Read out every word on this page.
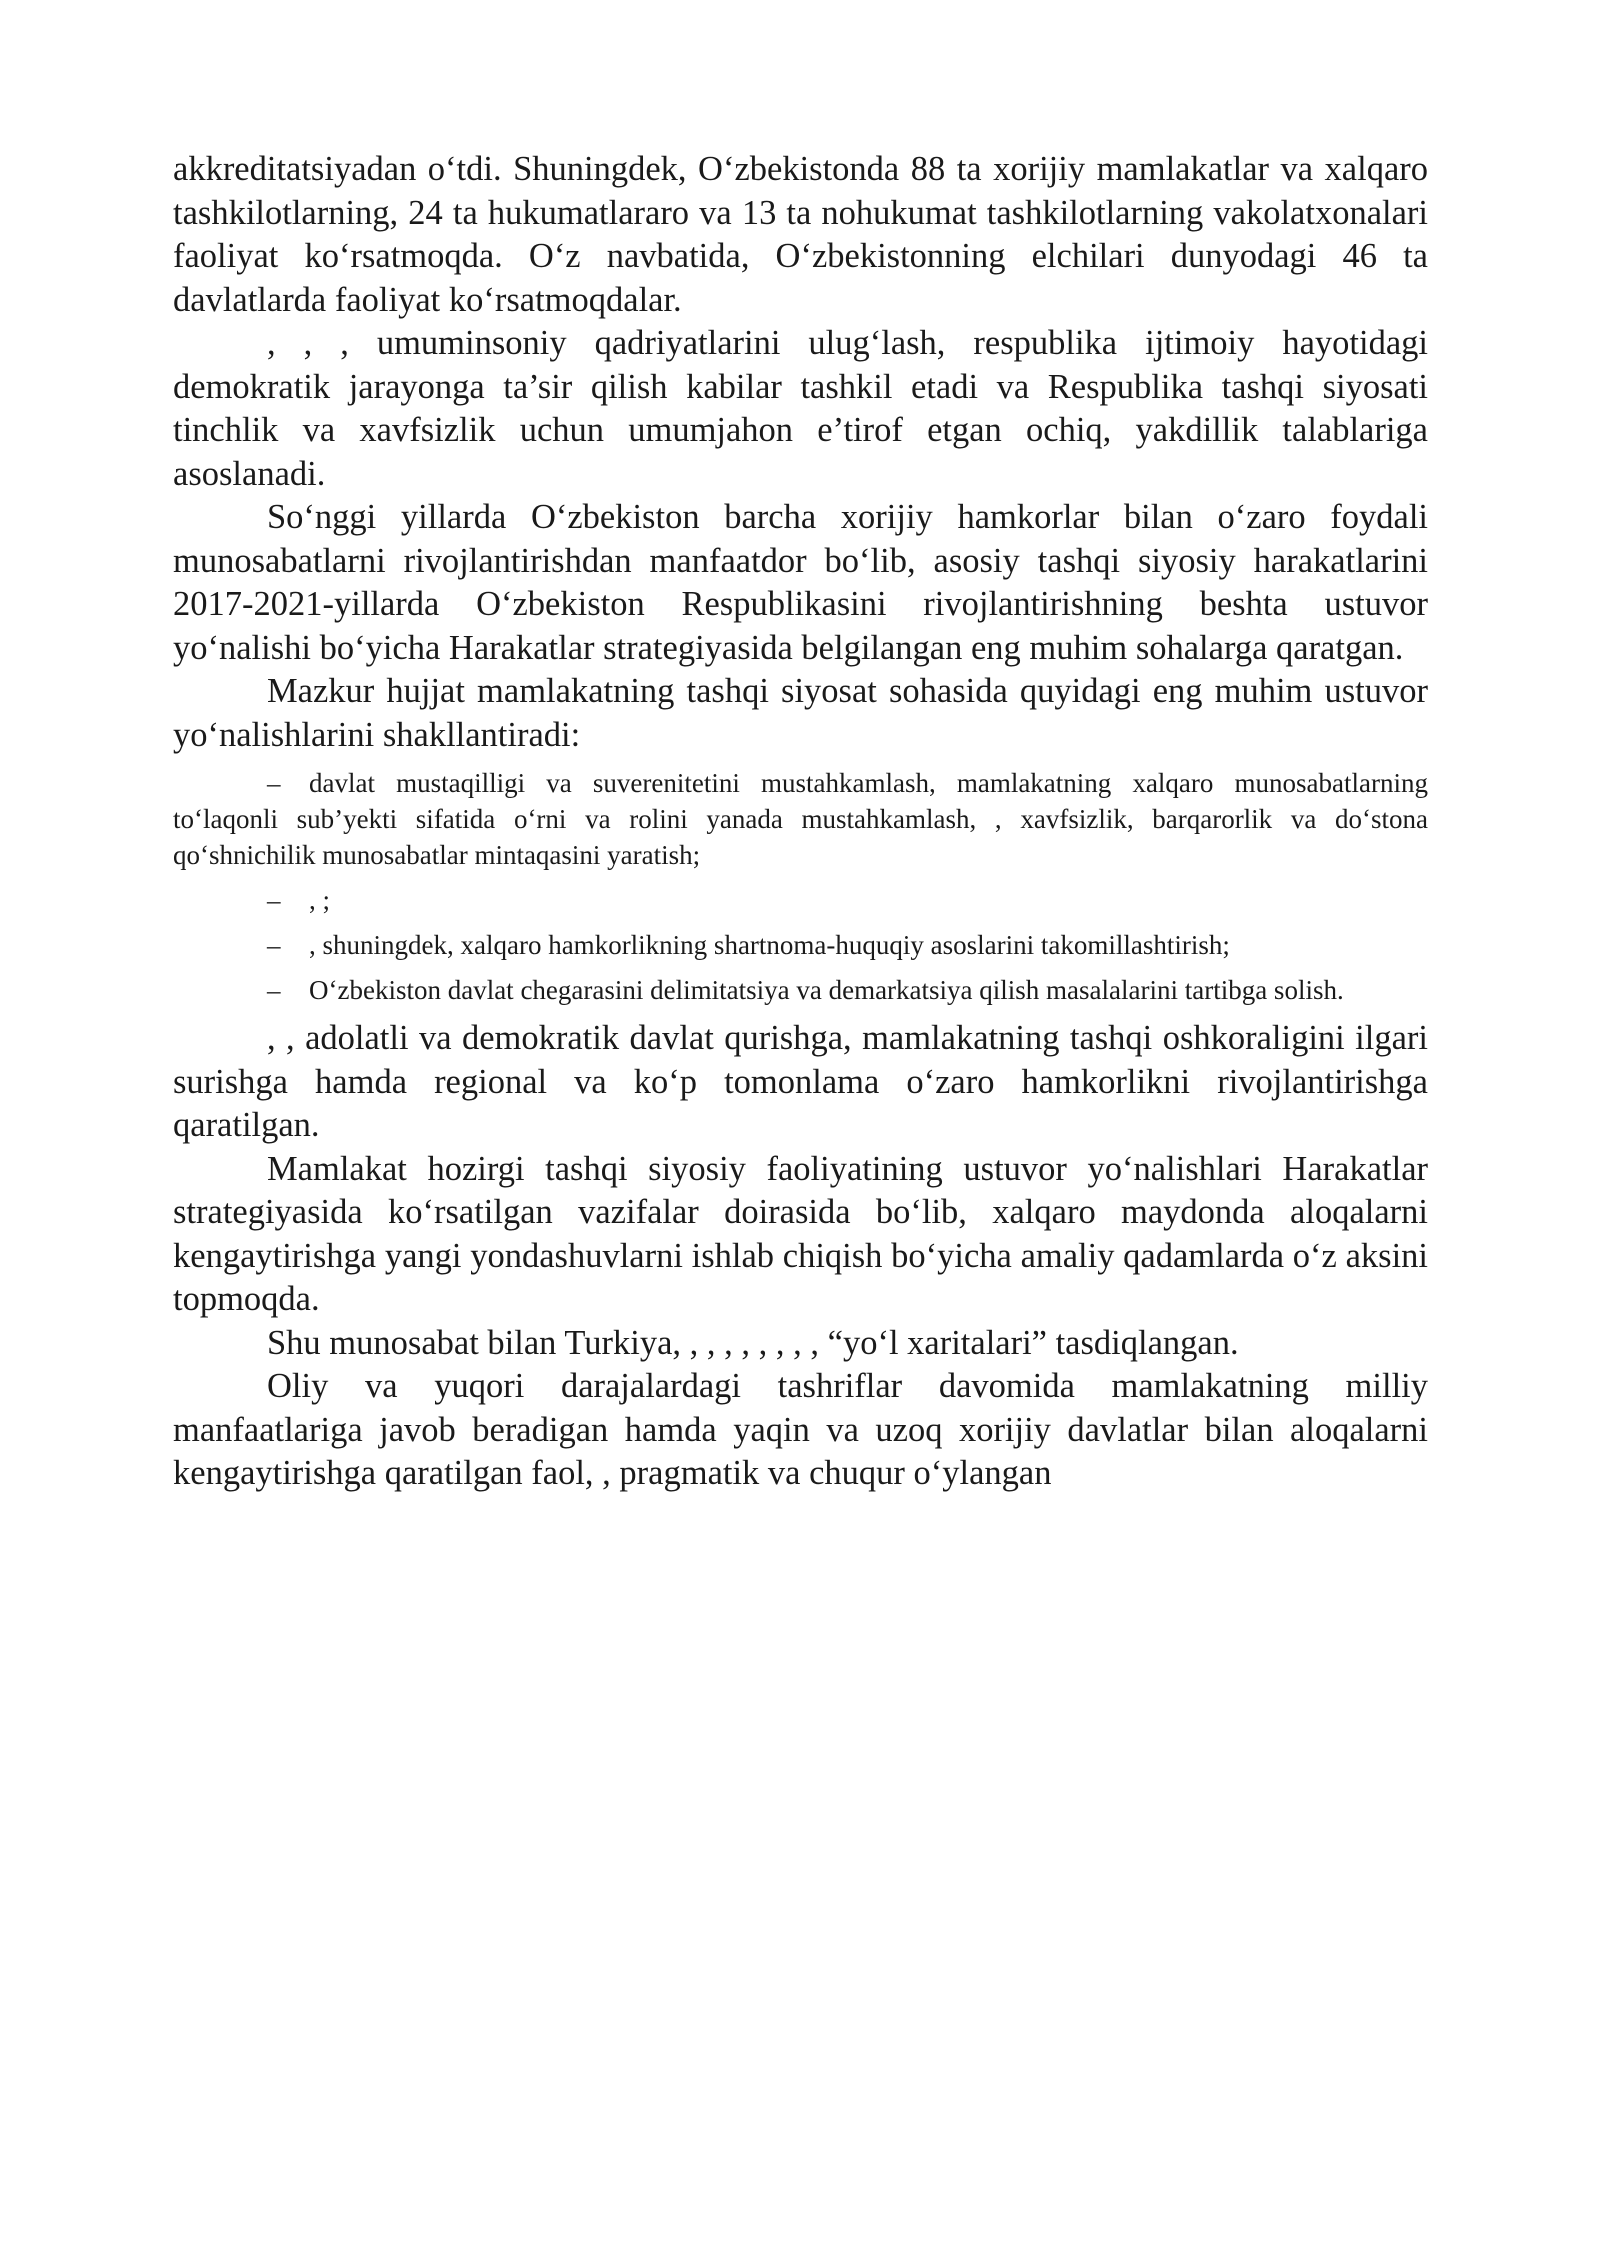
akkreditatsiyadan o‘tdi. Shuningdek, O‘zbekistonda 88 ta xorijiy mamlakatlar va xalqaro tashkilotlarning, 24 ta hukumatlararo va 13 ta nohukumat tashkilotlarning vakolatxonalari faoliyat ko‘rsatmoqda. O‘z navbatida, O‘zbekistonning elchilari dunyodagi 46 ta davlatlarda faoliyat ko‘rsatmoqdalar.

, , , umuminsoniy qadriyatlarini ulug‘lash, respublika ijtimoiy hayotidagi demokratik jarayonga ta’sir qilish kabilar tashkil etadi va Respublika tashqi siyosati tinchlik va xavfsizlik uchun umumjahon e’tirof etgan ochiq, yakdillik talablariga asoslanadi.

So‘nggi yillarda O‘zbekiston barcha xorijiy hamkorlar bilan o‘zaro foydali munosabatlarni rivojlantirishdan manfaatdor bo‘lib, asosiy tashqi siyosiy harakatlarini 2017-2021-yillarda O‘zbekiston Respublikasini rivojlantirishning beshta ustuvor yo‘nalishi bo‘yicha Harakatlar strategiyasida belgilangan eng muhim sohalarga qaratgan.

Mazkur hujjat mamlakatning tashqi siyosat sohasida quyidagi eng muhim ustuvor yo‘nalishlarini shakllantiradi:

– davlat mustaqilligi va suverenitetini mustahkamlash, mamlakatning xalqaro munosabatlarning to‘laqonli sub’yekti sifatida o‘rni va rolini yanada mustahkamlash, , xavfsizlik, barqarorlik va do‘stona qo‘shnichilik munosabatlar mintaqasini yaratish;

– , ;

– , shuningdek, xalqaro hamkorlikning shartnoma-huquqiy asoslarini takomillashtirish;

– O‘zbekiston davlat chegarasini delimitatsiya va demarkatsiya qilish masalalarini tartibga solish.

, , adolatli va demokratik davlat qurishga, mamlakatning tashqi oshkoraligini ilgari surishga hamda regional va ko‘p tomonlama o‘zaro hamkorlikni rivojlantirishga qaratilgan.

Mamlakat hozirgi tashqi siyosiy faoliyatining ustuvor yo‘nalishlari Harakatlar strategiyasida ko‘rsatilgan vazifalar doirasida bo‘lib, xalqaro maydonda aloqalarni kengaytirishga yangi yondashuvlarni ishlab chiqish bo‘yicha amaliy qadamlarda o‘z aksini topmoqda.

Shu munosabat bilan Turkiya, , , , , , , , , “yo‘l xaritalari” tasdiqlangan.

Oliy va yuqori darajalardagi tashriflar davomida mamlakatning milliy manfaatlariga javob beradigan hamda yaqin va uzoq xorijiy davlatlar bilan aloqalarni kengaytirishga qaratilgan faol, , pragmatik va chuqur o‘ylangan
